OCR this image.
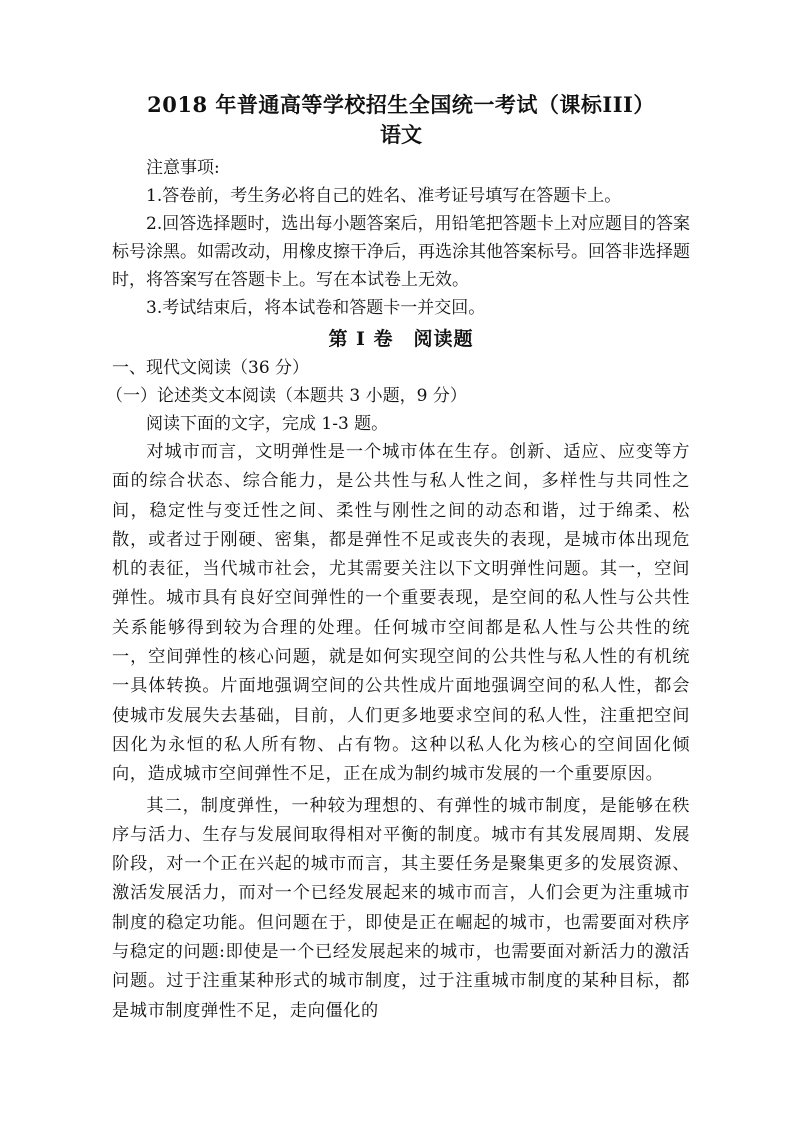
2018 年普通高等学校招生全国统一考试（课标III）
语文

注意事项:

1.答卷前，考生务必将自己的姓名、准考证号填写在答题卡上。

2.回答选择题时，选出每小题答案后，用铅笔把答题卡上对应题目的答案标号涂黑。如需改动，用橡皮擦干净后，再选涂其他答案标号。回答非选择题时，将答案写在答题卡上。写在本试卷上无效。

3.考试结束后，将本试卷和答题卡一并交回。

第 I 卷　阅读题

一、现代文阅读（36 分）

（一）论述类文本阅读（本题共 3 小题，9 分）

阅读下面的文字，完成 1-3 题。

对城市而言，文明弹性是一个城市体在生存。创新、适应、应变等方面的综合状态、综合能力，是公共性与私人性之间，多样性与共同性之间，稳定性与变迁性之间、柔性与刚性之间的动态和谐，过于绵柔、松散，或者过于刚硬、密集，都是弹性不足或丧失的表现，是城市体出现危机的表征，当代城市社会，尤其需要关注以下文明弹性问题。其一，空间弹性。城市具有良好空间弹性的一个重要表现，是空间的私人性与公共性关系能够得到较为合理的处理。任何城市空间都是私人性与公共性的统一，空间弹性的核心问题，就是如何实现空间的公共性与私人性的有机统一具体转换。片面地强调空间的公共性成片面地强调空间的私人性，都会使城市发展失去基础，目前，人们更多地要求空间的私人性，注重把空间因化为永恒的私人所有物、占有物。这种以私人化为核心的空间固化倾向，造成城市空间弹性不足，正在成为制约城市发展的一个重要原因。

其二，制度弹性，一种较为理想的、有弹性的城市制度，是能够在秩序与活力、生存与发展间取得相对平衡的制度。城市有其发展周期、发展阶段，对一个正在兴起的城市而言，其主要任务是聚集更多的发展资源、激活发展活力，而对一个已经发展起来的城市而言，人们会更为注重城市制度的稳定功能。但问题在于，即使是正在崛起的城市，也需要面对秩序与稳定的问题:即使是一个已经发展起来的城市，也需要面对新活力的激活问题。过于注重某种形式的城市制度，过于注重城市制度的某种目标，都是城市制度弹性不足，走向僵化的
